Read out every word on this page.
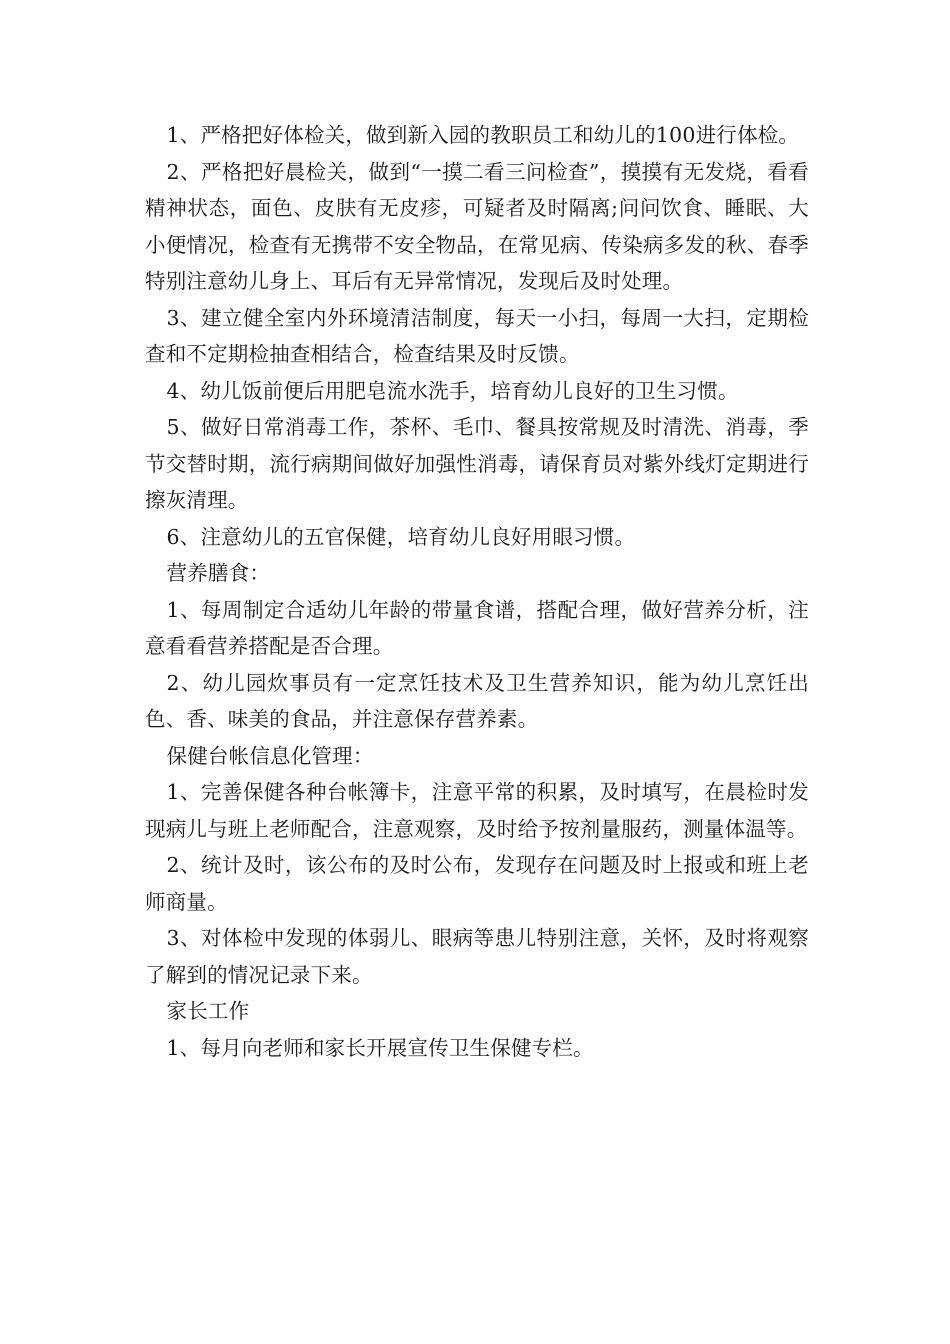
1、严格把好体检关，做到新入园的教职员工和幼儿的100进行体检。

2、严格把好晨检关，做到“一摸二看三问检查”，摸摸有无发烧，看看精神状态，面色、皮肤有无皮疹，可疑者及时隔离;问问饮食、睡眠、大小便情况，检查有无携带不安全物品，在常见病、传染病多发的秋、春季特别注意幼儿身上、耳后有无异常情况，发现后及时处理。

3、建立健全室内外环境清洁制度，每天一小扫，每周一大扫，定期检查和不定期检抽查相结合，检查结果及时反馈。

4、幼儿饭前便后用肥皂流水洗手，培育幼儿良好的卫生习惯。

5、做好日常消毒工作，茶杯、毛巾、餐具按常规及时清洗、消毒，季节交替时期，流行病期间做好加强性消毒，请保育员对紫外线灯定期进行擦灰清理。

6、注意幼儿的五官保健，培育幼儿良好用眼习惯。

营养膳食：

1、每周制定合适幼儿年龄的带量食谱，搭配合理，做好营养分析，注意看看营养搭配是否合理。

2、幼儿园炊事员有一定烹饪技术及卫生营养知识，能为幼儿烹饪出色、香、味美的食品，并注意保存营养素。

保健台帐信息化管理：

1、完善保健各种台帐簿卡，注意平常的积累，及时填写，在晨检时发现病儿与班上老师配合，注意观察，及时给予按剂量服药，测量体温等。

2、统计及时，该公布的及时公布，发现存在问题及时上报或和班上老师商量。

3、对体检中发现的体弱儿、眼病等患儿特别注意，关怀，及时将观察了解到的情况记录下来。

家长工作

1、每月向老师和家长开展宣传卫生保健专栏。
